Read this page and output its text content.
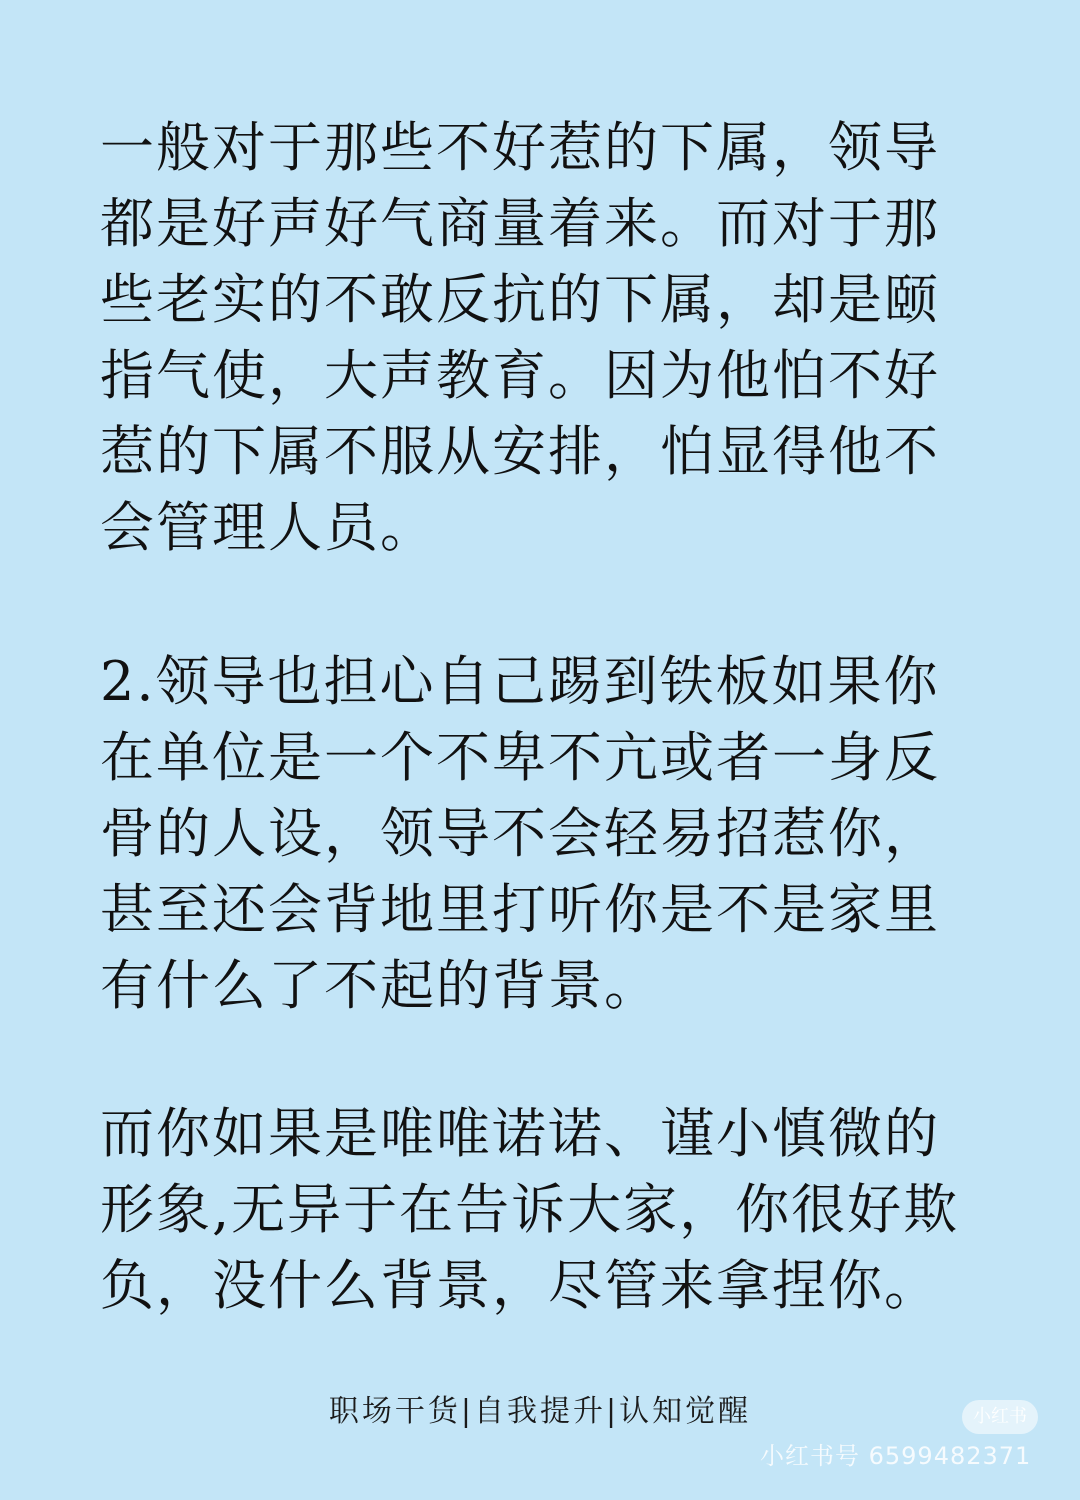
一般对于那些不好惹的下属，领导
都是好声好气商量着来。而对于那
些老实的不敢反抗的下属，却是颐
指气使，大声教育。因为他怕不好
惹的下属不服从安排，怕显得他不
会管理人员。
2.领导也担心自己踢到铁板如果你
在单位是一个不卑不亢或者一身反
骨的人设，领导不会轻易招惹你，
甚至还会背地里打听你是不是家里
有什么了不起的背景。
而你如果是唯唯诺诺、谨小慎微的
形象,无异于在告诉大家，你很好欺
负，没什么背景，尽管来拿捏你。
职场干货|自我提升|认知觉醒	小红书
小红书号 6599482371
